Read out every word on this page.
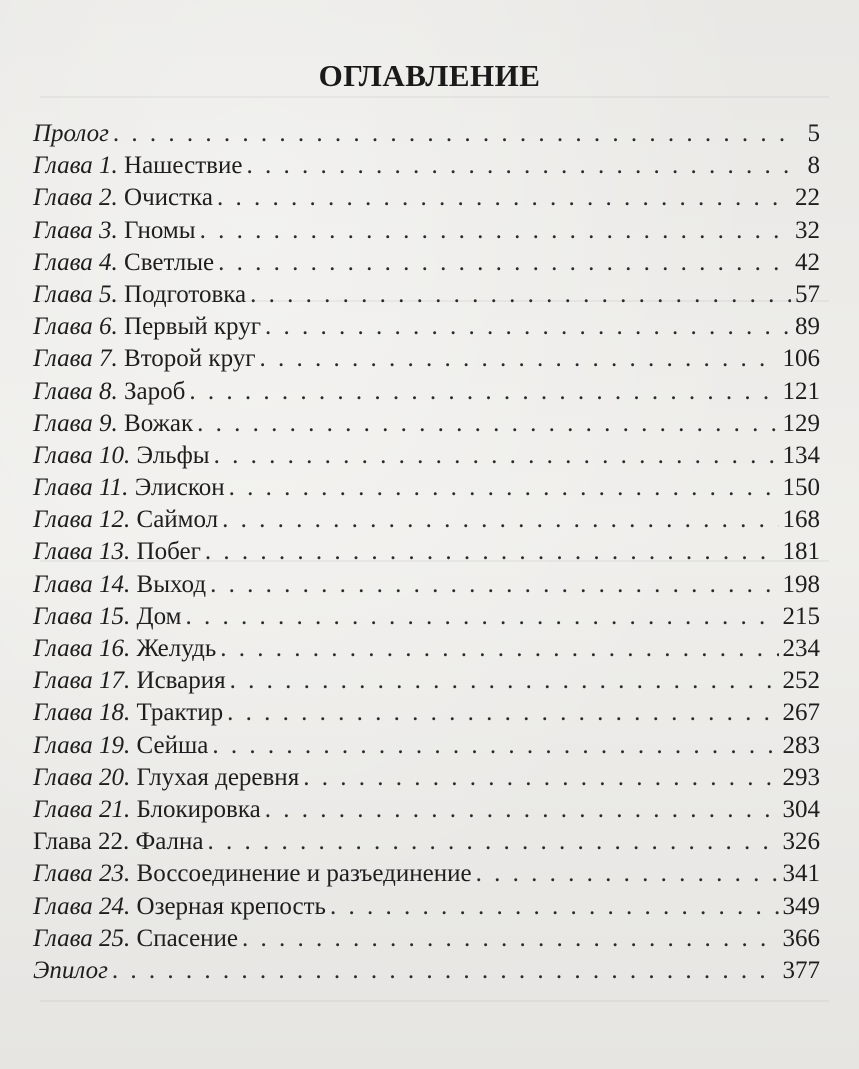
ОГЛАВЛЕНИЕ
Пролог . . .	5
Глава 1. Нашествие . . .	8
Глава 2. Очистка . . .	22
Глава 3. Гномы . . .	32
Глава 4. Светлые . . .	42
Глава 5. Подготовка . . .	57
Глава 6. Первый круг . . .	89
Глава 7. Второй круг . . .	106
Глава 8. Зароб . . .	121
Глава 9. Вожак . . .	129
Глава 10. Эльфы . . .	134
Глава 11. Элискон . . .	150
Глава 12. Саймол . . .	168
Глава 13. Побег . . .	181
Глава 14. Выход . . .	198
Глава 15. Дом . . .	215
Глава 16. Желудь . . .	234
Глава 17. Исвария . . .	252
Глава 18. Трактир . . .	267
Глава 19. Сейша . . .	283
Глава 20. Глухая деревня . . .	293
Глава 21. Блокировка . . .	304
Глава 22. Фална . . .	326
Глава 23. Воссоединение и разъединение . . .	341
Глава 24. Озерная крепость . . .	349
Глава 25. Спасение . . .	366
Эпилог . . .	377
